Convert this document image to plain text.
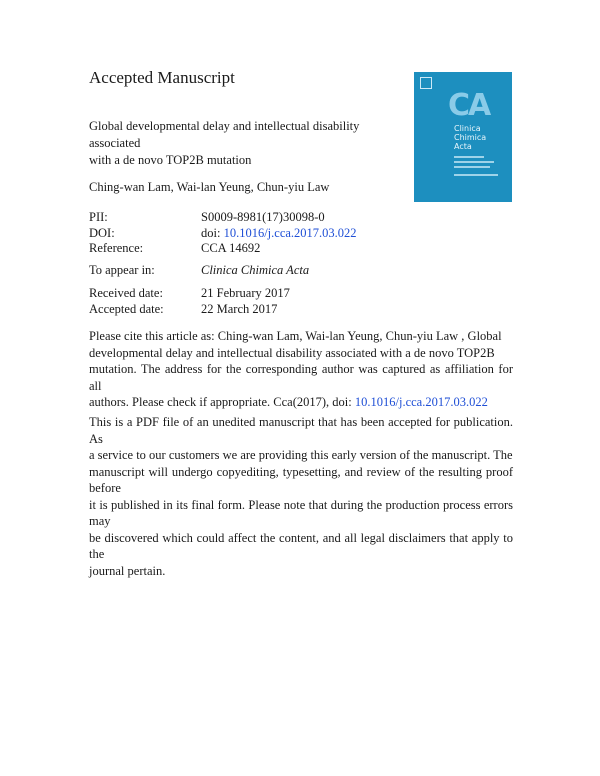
Accepted Manuscript
Global developmental delay and intellectual disability associated
with a de novo TOP2B mutation
CA
Clinica
Chimica
Acta
Ching-wan Lam, Wai-lan Yeung, Chun-yiu Law
PII:	S0009-8981(17)30098-0
DOI:	doi: 10.1016/j.cca.2017.03.022
Reference:	CCA 14692
To appear in:	Clinica Chimica Acta
Received date:	21 February 2017
Accepted date:	22 March 2017
Please cite this article as: Ching-wan Lam, Wai-lan Yeung, Chun-yiu Law , Global
developmental delay and intellectual disability associated with a de novo TOP2B
mutation. The address for the corresponding author was captured as affiliation for all
authors. Please check if appropriate. Cca(2017), doi: 10.1016/j.cca.2017.03.022
This is a PDF file of an unedited manuscript that has been accepted for publication. As
a service to our customers we are providing this early version of the manuscript. The
manuscript will undergo copyediting, typesetting, and review of the resulting proof before
it is published in its final form. Please note that during the production process errors may
be discovered which could affect the content, and all legal disclaimers that apply to the
journal pertain.
